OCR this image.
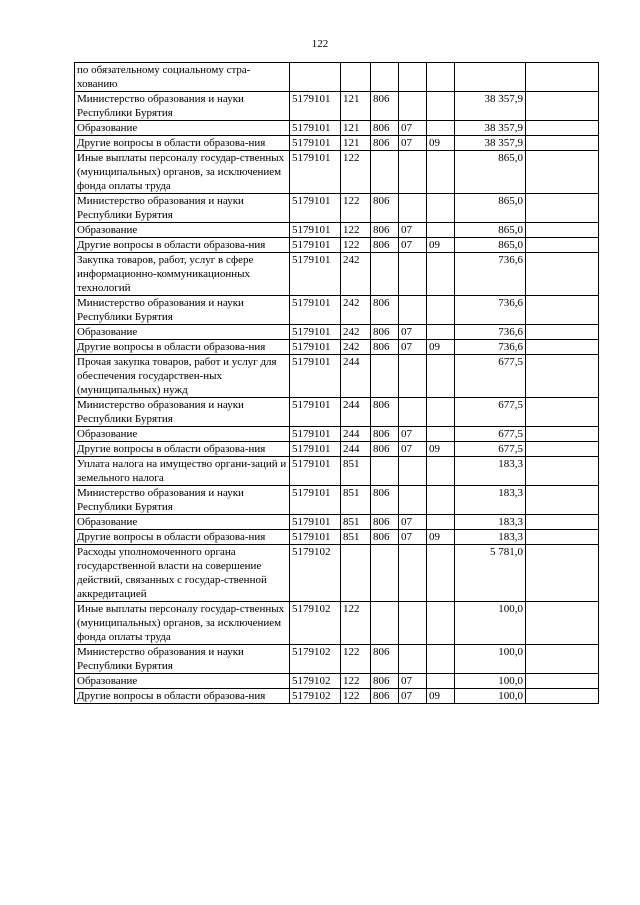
122
по обязательному социальному стра-хованию							
Министерство образования и науки Республики Бурятия	5179101	121	806			38 357,9	
Образование	5179101	121	806	07		38 357,9	
Другие вопросы в области образова-ния	5179101	121	806	07	09	38 357,9	
Иные выплаты персоналу государ-ственных (муниципальных) органов, за исключением фонда оплаты труда	5179101	122				865,0	
Министерство образования и науки Республики Бурятия	5179101	122	806			865,0	
Образование	5179101	122	806	07		865,0	
Другие вопросы в области образова-ния	5179101	122	806	07	09	865,0	
Закупка товаров, работ, услуг в сфере информационно-коммуникационных технологий	5179101	242				736,6	
Министерство образования и науки Республики Бурятия	5179101	242	806			736,6	
Образование	5179101	242	806	07		736,6	
Другие вопросы в области образова-ния	5179101	242	806	07	09	736,6	
Прочая закупка товаров, работ и услуг для обеспечения государствен-ных (муниципальных) нужд	5179101	244				677,5	
Министерство образования и науки Республики Бурятия	5179101	244	806			677,5	
Образование	5179101	244	806	07		677,5	
Другие вопросы в области образова-ния	5179101	244	806	07	09	677,5	
Уплата налога на имущество органи-заций и земельного налога	5179101	851				183,3	
Министерство образования и науки Республики Бурятия	5179101	851	806			183,3	
Образование	5179101	851	806	07		183,3	
Другие вопросы в области образова-ния	5179101	851	806	07	09	183,3	
Расходы уполномоченного органа государственной власти на совершение действий, связанных с государ-ственной аккредитацией	5179102					5 781,0	
Иные выплаты персоналу государ-ственных (муниципальных) органов, за исключением фонда оплаты труда	5179102	122				100,0	
Министерство образования и науки Республики Бурятия	5179102	122	806			100,0	
Образование	5179102	122	806	07		100,0	
Другие вопросы в области образова-ния	5179102	122	806	07	09	100,0	
